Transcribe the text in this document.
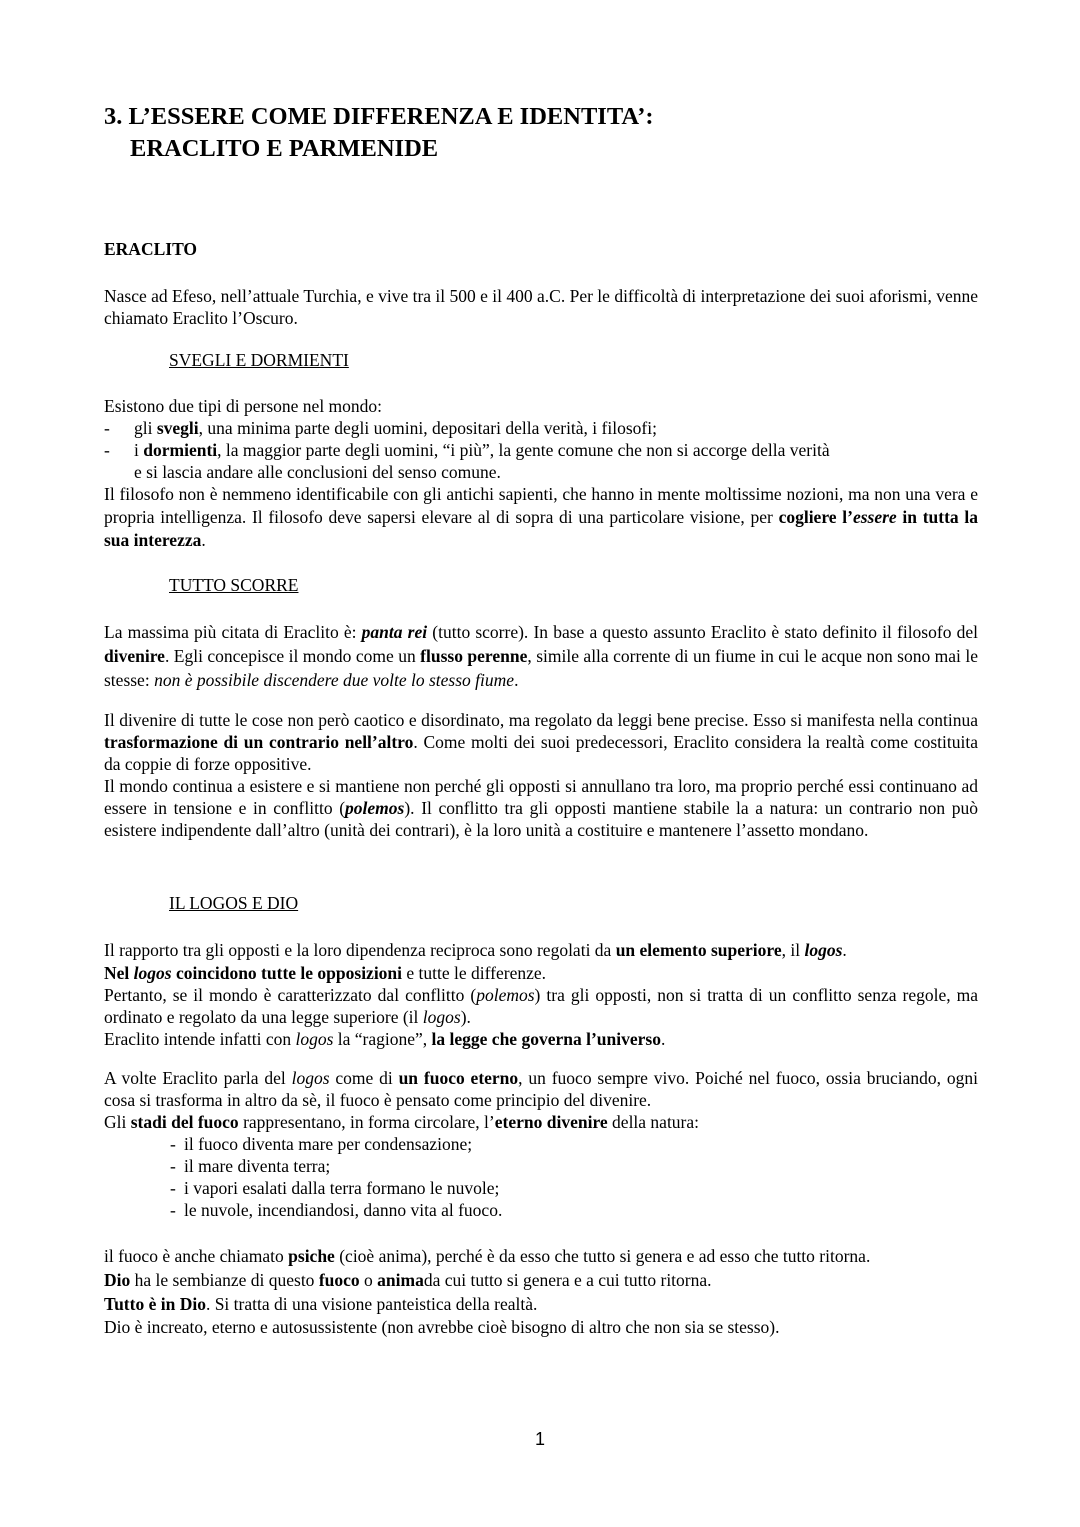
3. L’ESSERE COME DIFFERENZA E IDENTITA’:
ERACLITO E PARMENIDE

ERACLITO

Nasce ad Efeso, nell’attuale Turchia, e vive tra il 500 e il 400 a.C. Per le difficoltà di interpretazione dei suoi aforismi, venne chiamato Eraclito l’Oscuro.

SVEGLI E DORMIENTI

Esistono due tipi di persone nel mondo:

- gli svegli, una minima parte degli uomini, depositari della verità, i filosofi;

- i dormienti, la maggior parte degli uomini, “i più”, la gente comune che non si accorge della verità

e si lascia andare alle conclusioni del senso comune.

Il filosofo non è nemmeno identificabile con gli antichi sapienti, che hanno in mente moltissime nozioni, ma non una vera e propria intelligenza. Il filosofo deve sapersi elevare al di sopra di una particolare visione, per cogliere l’essere in tutta la sua interezza.

TUTTO SCORRE

La massima più citata di Eraclito è: panta rei (tutto scorre). In base a questo assunto Eraclito è stato definito il filosofo del divenire. Egli concepisce il mondo come un flusso perenne, simile alla corrente di un fiume in cui le acque non sono mai le stesse: non è possibile discendere due volte lo stesso fiume.

Il divenire di tutte le cose non però caotico e disordinato, ma regolato da leggi bene precise. Esso si manifesta nella continua trasformazione di un contrario nell’altro. Come molti dei suoi predecessori, Eraclito considera la realtà come costituita da coppie di forze oppositive.

Il mondo continua a esistere e si mantiene non perché gli opposti si annullano tra loro, ma proprio perché essi continuano ad essere in tensione e in conflitto (polemos). Il conflitto tra gli opposti mantiene stabile la a natura: un contrario non può esistere indipendente dall’altro (unità dei contrari), è la loro unità a costituire e mantenere l’assetto mondano.

IL LOGOS E DIO

Il rapporto tra gli opposti e la loro dipendenza reciproca sono regolati da un elemento superiore, il logos.

Nel logos coincidono tutte le opposizioni e tutte le differenze.

Pertanto, se il mondo è caratterizzato dal conflitto (polemos) tra gli opposti, non si tratta di un conflitto senza regole, ma ordinato e regolato da una legge superiore (il logos).

Eraclito intende infatti con logos la “ragione”, la legge che governa l’universo.

A volte Eraclito parla del logos come di un fuoco eterno, un fuoco sempre vivo. Poiché nel fuoco, ossia bruciando, ogni cosa si trasforma in altro da sè, il fuoco è pensato come principio del divenire.

Gli stadi del fuoco rappresentano, in forma circolare, l’eterno divenire della natura:

- il fuoco diventa mare per condensazione;

- il mare diventa terra;

- i vapori esalati dalla terra formano le nuvole;

- le nuvole, incendiandosi, danno vita al fuoco.

il fuoco è anche chiamato psiche (cioè anima), perché è da esso che tutto si genera e ad esso che tutto ritorna.

Dio ha le sembianze di questo fuoco o animada cui tutto si genera e a cui tutto ritorna.

Tutto è in Dio. Si tratta di una visione panteistica della realtà.

Dio è increato, eterno e autosussistente (non avrebbe cioè bisogno di altro che non sia se stesso).

1
